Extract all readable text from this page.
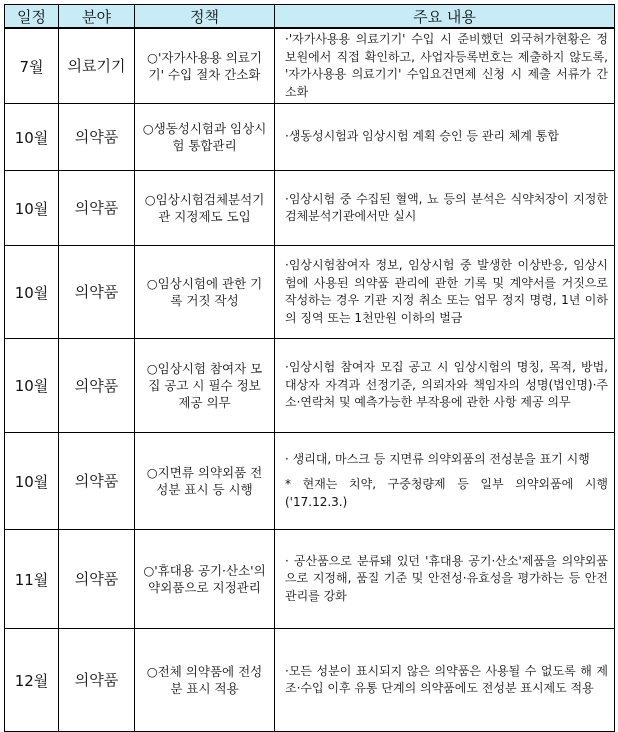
일정	분야	정책	주요 내용
7월	의료기기	○'자가사용용 의료기기' 수입 절차 간소화	·'자가사용용 의료기기' 수입 시 준비했던 외국허가현황은 정보원에서 직접 확인하고, 사업자등록번호는 제출하지 않도록, '자가사용용 의료기기' 수입요건면제 신청 시 제출 서류가 간소화

10월	의약품	○생동성시험과 임상시험 통합관리	·생동성시험과 임상시험 계획 승인 등 관리 체계 통합

10월	의약품	○임상시험검체분석기관 지정제도 도입	·임상시험 중 수집된 혈액, 뇨 등의 분석은 식약처장이 지정한 검체분석기관에서만 실시

10월	의약품	○임상시험에 관한 기록 거짓 작성	·임상시험참여자 정보, 임상시험 중 발생한 이상반응, 임상시험에 사용된 의약품 관리에 관한 기록 및 계약서를 거짓으로 작성하는 경우 기관 지정 취소 또는 업무 정지 명령, 1년 이하의 징역 또는 1천만원 이하의 벌금

10월	의약품	○임상시험 참여자 모집 공고 시 필수 정보 제공 의무	·임상시험 참여자 모집 공고 시 임상시험의 명칭, 목적, 방법, 대상자 자격과 선정기준, 의뢰자와 책임자의 성명(법인명)·주소·연락처 및 예측가능한 부작용에 관한 사항 제공 의무

10월	의약품	○지면류 의약외품 전성분 표시 등 시행	· 생리대, 마스크 등 지면류 의약외품의 전성분을 표기 시행
* 현재는 치약, 구중청량제 등 일부 의약외품에 시행('17.12.3.)

11월	의약품	○'휴대용 공기·산소'의약외품으로 지정관리	· 공산품으로 분류돼 있던 '휴대용 공기·산소'제품을 의약외품으로 지정해, 품질 기준 및 안전성·유효성을 평가하는 등 안전관리를 강화

12월	의약품	○전체 의약품에 전성분 표시 적용	·모든 성분이 표시되지 않은 의약품은 사용될 수 없도록 해 제조·수입 이후 유통 단계의 의약품에도 전성분 표시제도 적용
